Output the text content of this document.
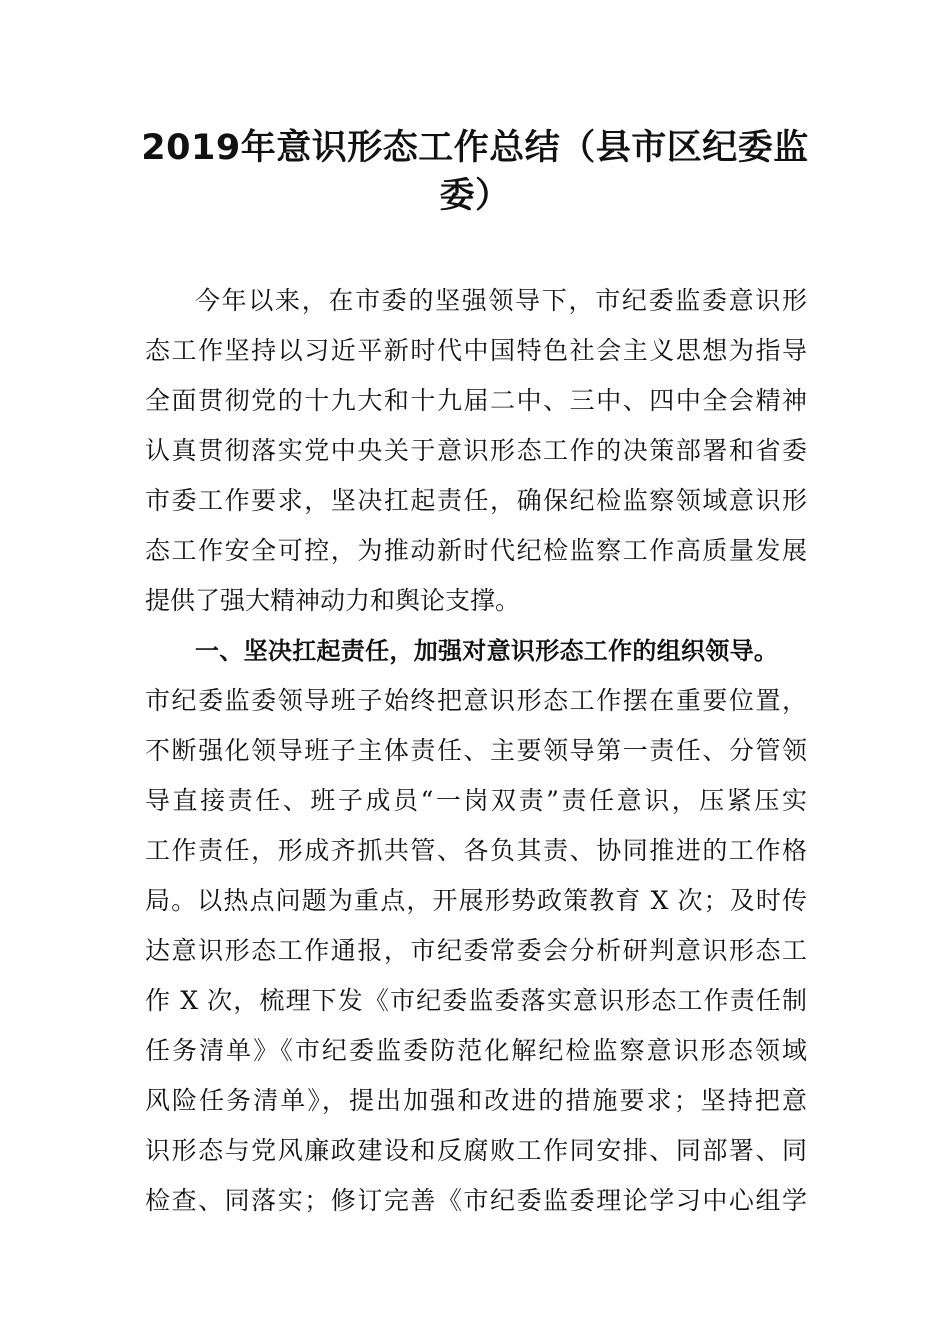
2019年意识形态工作总结（县市区纪委监
委）
今年以来，在市委的坚强领导下，市纪委监委意识形
态工作坚持以习近平新时代中国特色社会主义思想为指导
全面贯彻党的十九大和十九届二中、三中、四中全会精神
认真贯彻落实党中央关于意识形态工作的决策部署和省委
市委工作要求，坚决扛起责任，确保纪检监察领域意识形
态工作安全可控，为推动新时代纪检监察工作高质量发展
提供了强大精神动力和舆论支撑。
一、坚决扛起责任，加强对意识形态工作的组织领导。
市纪委监委领导班子始终把意识形态工作摆在重要位置，
不断强化领导班子主体责任、主要领导第一责任、分管领
导直接责任、班子成员“一岗双责”责任意识，压紧压实
工作责任，形成齐抓共管、各负其责、协同推进的工作格
局。以热点问题为重点，开展形势政策教育 X 次；及时传
达意识形态工作通报，市纪委常委会分析研判意识形态工
作 X 次，梳理下发《市纪委监委落实意识形态工作责任制
任务清单》《市纪委监委防范化解纪检监察意识形态领域
风险任务清单》，提出加强和改进的措施要求；坚持把意
识形态与党风廉政建设和反腐败工作同安排、同部署、同
检查、同落实；修订完善《市纪委监委理论学习中心组学
